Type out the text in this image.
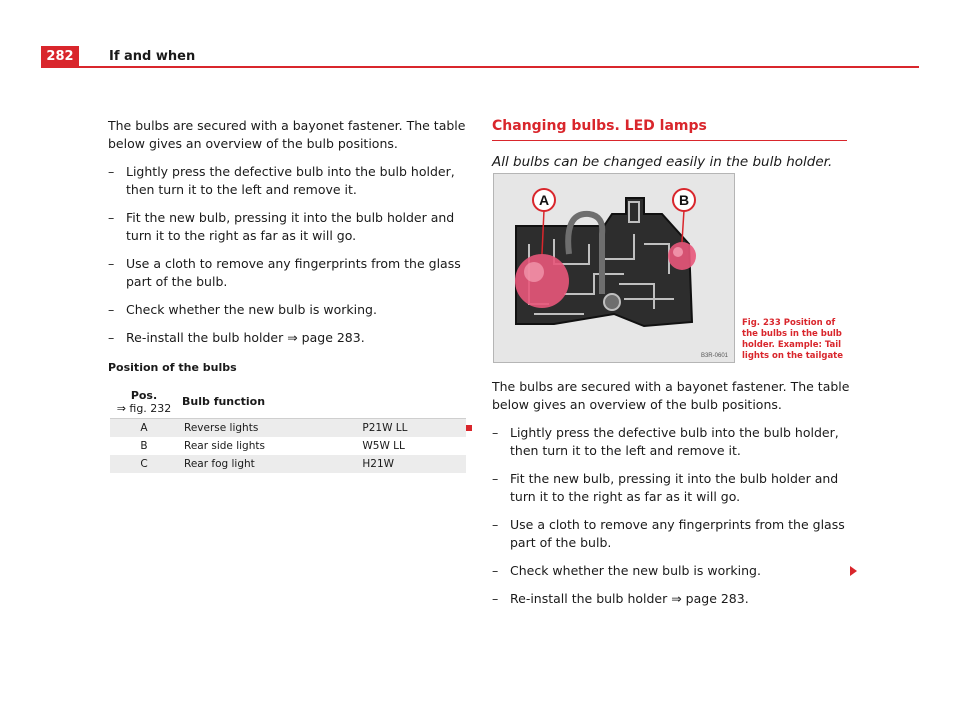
282	If and when

The bulbs are secured with a bayonet fastener. The table below gives an overview of the bulb positions.

– Lightly press the defective bulb into the bulb holder, then turn it to the left and remove it.
– Fit the new bulb, pressing it into the bulb holder and turn it to the right as far as it will go.
– Use a cloth to remove any fingerprints from the glass part of the bulb.
– Check whether the new bulb is working.
– Re-install the bulb holder ⇒ page 283.
Position of the bulbs
Pos.
⇒ fig. 232	Bulb function	
A	Reverse lights	P21W LL
B	Rear side lights	W5W LL
C	Rear fog light	H21W
Changing bulbs. LED lamps
All bulbs can be changed easily in the bulb holder.
A	B
B3R-0601
Fig. 233 Position of the bulbs in the bulb holder. Example: Tail lights on the tailgate

The bulbs are secured with a bayonet fastener. The table below gives an overview of the bulb positions.

– Lightly press the defective bulb into the bulb holder, then turn it to the left and remove it.
– Fit the new bulb, pressing it into the bulb holder and turn it to the right as far as it will go.
– Use a cloth to remove any fingerprints from the glass part of the bulb.
– Check whether the new bulb is working.
– Re-install the bulb holder ⇒ page 283.
